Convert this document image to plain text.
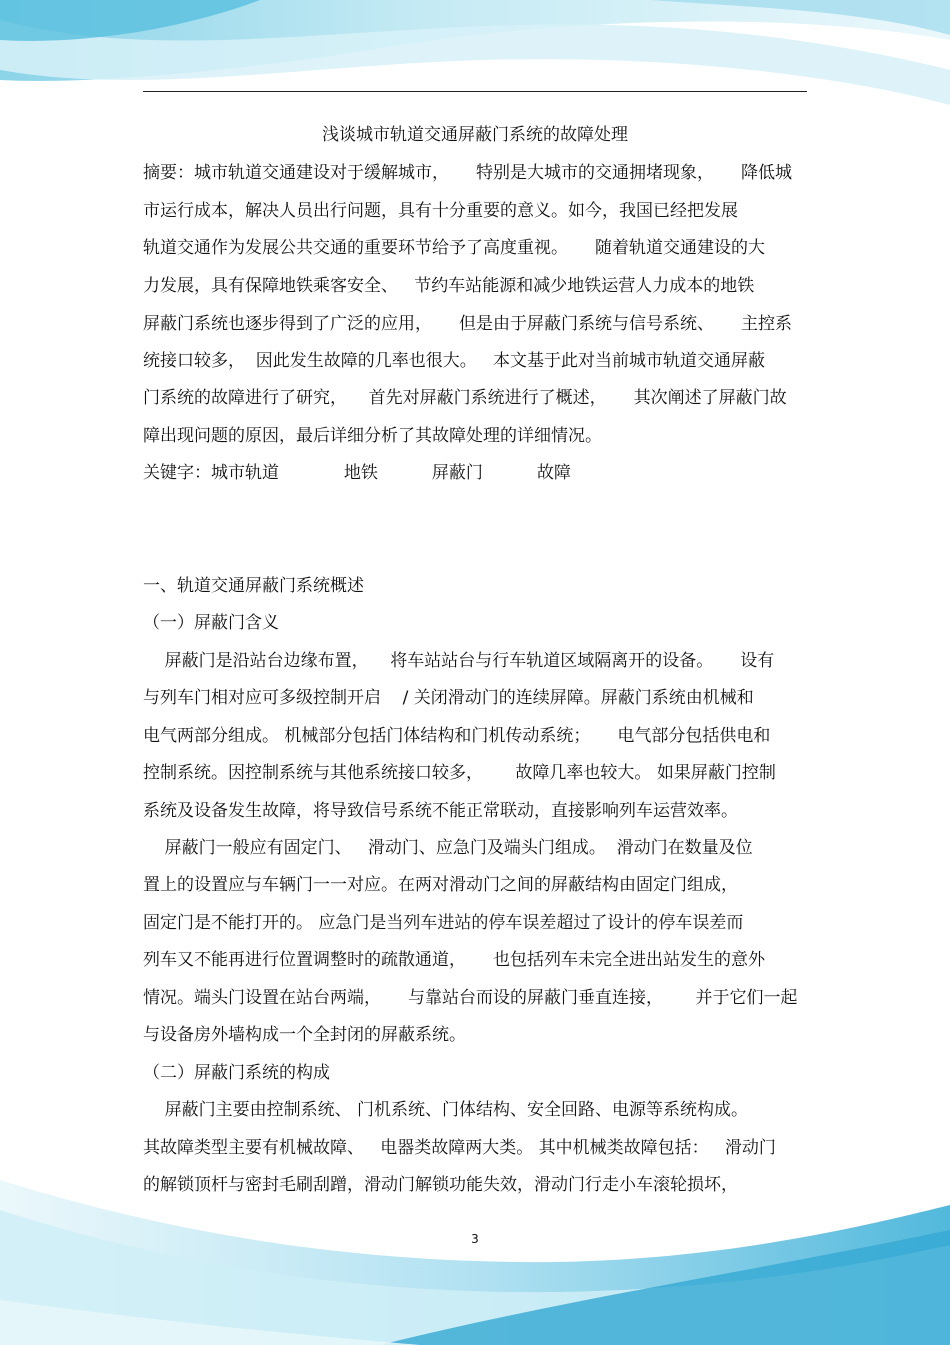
浅谈城市轨道交通屏蔽门系统的故障处理
摘要：城市轨道交通建设对于缓解城市，     特别是大城市的交通拥堵现象，     降低城
市运行成本，解决人员出行问题，具有十分重要的意义。如今，我国已经把发展
轨道交通作为发展公共交通的重要环节给予了高度重视。     随着轨道交通建设的大
力发展，具有保障地铁乘客安全、   节约车站能源和减少地铁运营人力成本的地铁
屏蔽门系统也逐步得到了广泛的应用，     但是由于屏蔽门系统与信号系统、     主控系
统接口较多，  因此发生故障的几率也很大。   本文基于此对当前城市轨道交通屏蔽
门系统的故障进行了研究，    首先对屏蔽门系统进行了概述，     其次阐述了屏蔽门故
障出现问题的原因，最后详细分析了其故障处理的详细情况。
关键字：城市轨道            地铁          屏蔽门          故障
一、轨道交通屏蔽门系统概述
（一）屏蔽门含义
屏蔽门是沿站台边缘布置，    将车站站台与行车轨道区域隔离开的设备。     设有
与列车门相对应可多级控制开启    / 关闭滑动门的连续屏障。屏蔽门系统由机械和
电气两部分组成。 机械部分包括门体结构和门机传动系统；     电气部分包括供电和
控制系统。因控制系统与其他系统接口较多，      故障几率也较大。 如果屏蔽门控制
系统及设备发生故障，将导致信号系统不能正常联动，直接影响列车运营效率。
屏蔽门一般应有固定门、   滑动门、应急门及端头门组成。  滑动门在数量及位
置上的设置应与车辆门一一对应。在两对滑动门之间的屏蔽结构由固定门组成，
固定门是不能打开的。 应急门是当列车进站的停车误差超过了设计的停车误差而
列车又不能再进行位置调整时的疏散通道，     也包括列车未完全进出站发生的意外
情况。端头门设置在站台两端，     与靠站台而设的屏蔽门垂直连接，      并于它们一起
与设备房外墙构成一个全封闭的屏蔽系统。
（二）屏蔽门系统的构成
屏蔽门主要由控制系统、 门机系统、门体结构、安全回路、电源等系统构成。
其故障类型主要有机械故障、   电器类故障两大类。 其中机械类故障包括：   滑动门
的解锁顶杆与密封毛刷刮蹭，滑动门解锁功能失效，滑动门行走小车滚轮损坏，
3
